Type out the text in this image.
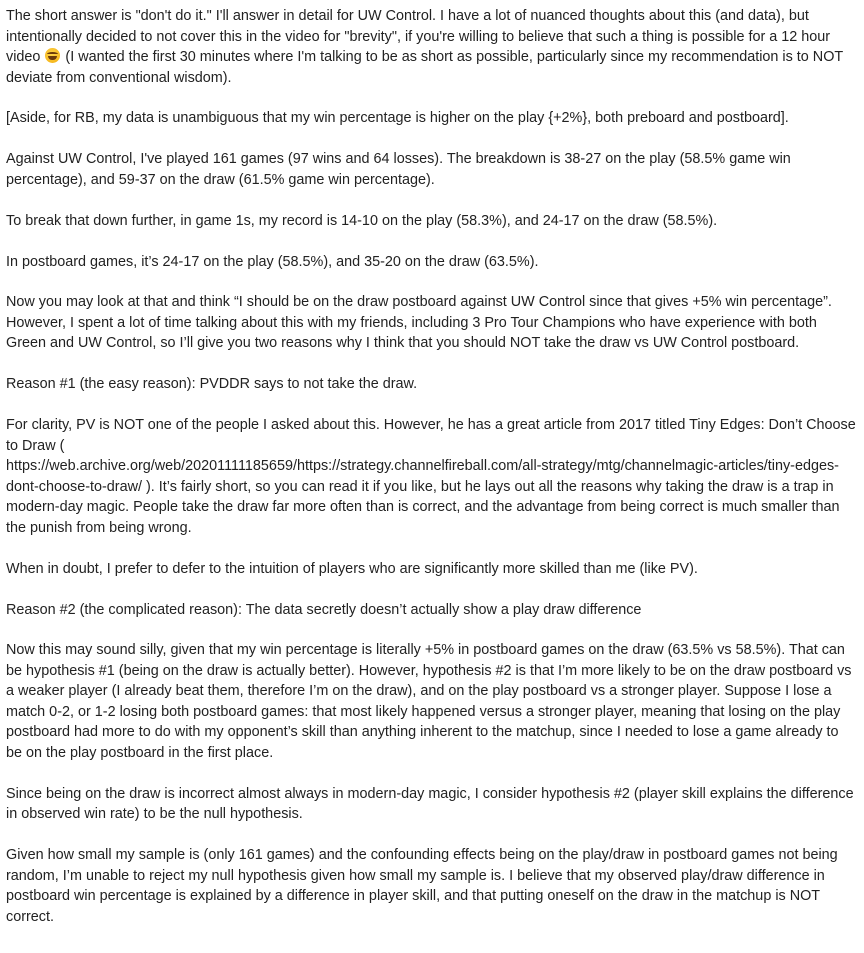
The short answer is "don't do it." I'll answer in detail for UW Control. I have a lot of nuanced thoughts about this (and data), but intentionally decided to not cover this in the video for "brevity", if you're willing to believe that such a thing is possible for a 12 hour video (I wanted the first 30 minutes where I'm talking to be as short as possible, particularly since my recommendation is to NOT deviate from conventional wisdom).

[Aside, for RB, my data is unambiguous that my win percentage is higher on the play {+2%}, both preboard and postboard].

Against UW Control, I've played 161 games (97 wins and 64 losses). The breakdown is 38-27 on the play (58.5% game win percentage), and 59-37 on the draw (61.5% game win percentage).

To break that down further, in game 1s, my record is 14-10 on the play (58.3%), and 24-17 on the draw (58.5%).

In postboard games, it’s 24-17 on the play (58.5%), and 35-20 on the draw (63.5%).

Now you may look at that and think “I should be on the draw postboard against UW Control since that gives +5% win percentage”. However, I spent a lot of time talking about this with my friends, including 3 Pro Tour Champions who have experience with both Green and UW Control, so I’ll give you two reasons why I think that you should NOT take the draw vs UW Control postboard.

Reason #1 (the easy reason): PVDDR says to not take the draw.

For clarity, PV is NOT one of the people I asked about this. However, he has a great article from 2017 titled Tiny Edges: Don’t Choose to Draw (
https://web.archive.org/web/20201111185659/https://strategy.channelfireball.com/all-strategy/mtg/channelmagic-articles/tiny-edges-dont-choose-to-draw/ ). It’s fairly short, so you can read it if you like, but he lays out all the reasons why taking the draw is a trap in modern-day magic. People take the draw far more often than is correct, and the advantage from being correct is much smaller than the punish from being wrong.

When in doubt, I prefer to defer to the intuition of players who are significantly more skilled than me (like PV).

Reason #2 (the complicated reason): The data secretly doesn’t actually show a play draw difference

Now this may sound silly, given that my win percentage is literally +5% in postboard games on the draw (63.5% vs 58.5%). That can be hypothesis #1 (being on the draw is actually better). However, hypothesis #2 is that I’m more likely to be on the draw postboard vs a weaker player (I already beat them, therefore I’m on the draw), and on the play postboard vs a stronger player. Suppose I lose a match 0-2, or 1-2 losing both postboard games: that most likely happened versus a stronger player, meaning that losing on the play postboard had more to do with my opponent’s skill than anything inherent to the matchup, since I needed to lose a game already to be on the play postboard in the first place.

Since being on the draw is incorrect almost always in modern-day magic, I consider hypothesis #2 (player skill explains the difference in observed win rate) to be the null hypothesis.

Given how small my sample is (only 161 games) and the confounding effects being on the play/draw in postboard games not being random, I’m unable to reject my null hypothesis given how small my sample is. I believe that my observed play/draw difference in postboard win percentage is explained by a difference in player skill, and that putting oneself on the draw in the matchup is NOT correct.
